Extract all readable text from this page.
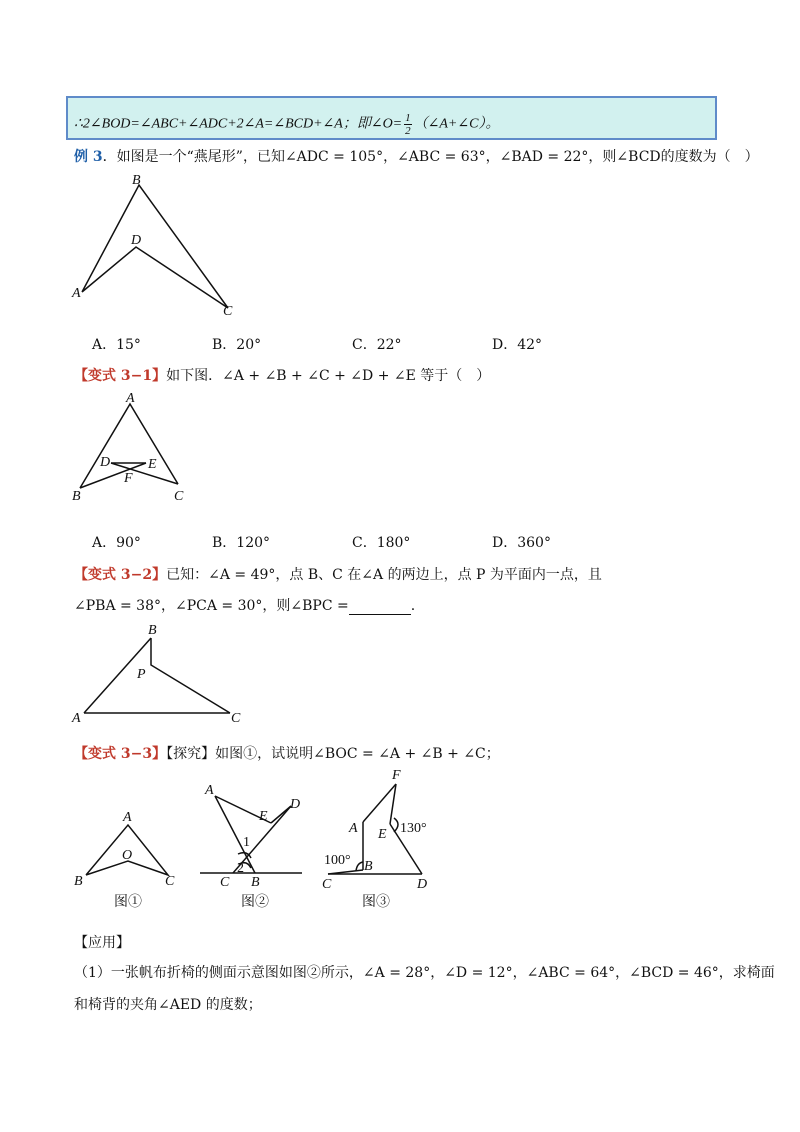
∴2∠BOD=∠ABC+∠ADC+2∠A=∠BCD+∠A；即∠O= $\frac{1}{2}$ （∠A+∠C）。
例 3．如图是一个“燕尾形”，已知∠ADC = 105°，∠ABC = 63°，∠BAD = 22°，则∠BCD的度数为（　）
B
D
A
C
A．15°	B．20°	C．22°	D．42°
【变式 3−1】如下图．∠A + ∠B + ∠C + ∠D + ∠E 等于（　）
A
D	E
F
B	C
A．90°	B．120°	C．180°	D．360°
【变式 3−2】已知：∠A = 49°，点 B、C 在∠A 的两边上，点 P 为平面内一点，且
∠PBA = 38°，∠PCA = 30°，则∠BPC =	.
B
P
A	C
【变式 3−3】【探究】如图①，试说明∠BOC = ∠A + ∠B + ∠C；
A
O
B	C
图①
A
E
D
1
2
C B
图②
F
A E 130°
100° B
C	D
图③
【应用】
（1）一张帆布折椅的侧面示意图如图②所示，∠A = 28°，∠D = 12°，∠ABC = 64°，∠BCD = 46°，求椅面
和椅背的夹角∠AED 的度数；
